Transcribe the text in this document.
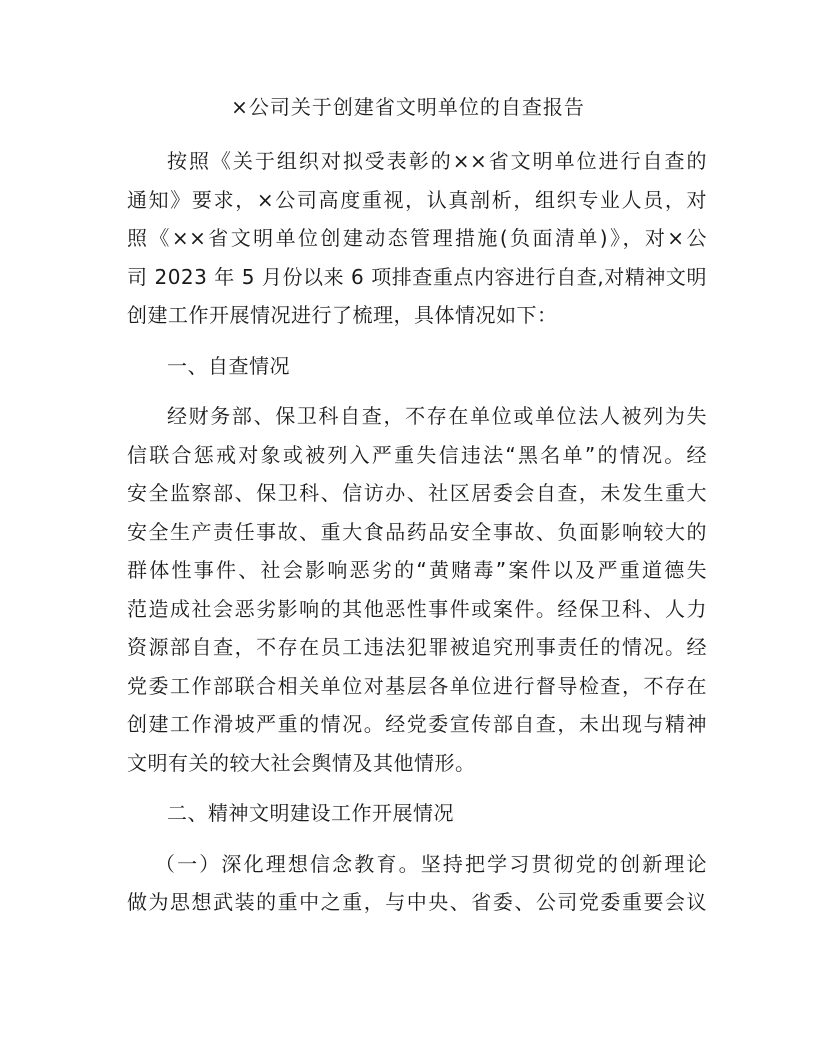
×公司关于创建省文明单位的自查报告
按照《关于组织对拟受表彰的××省文明单位进行自查的
通知》要求，×公司高度重视，认真剖析，组织专业人员，对
照《××省文明单位创建动态管理措施(负面清单)》，对×公
司 2023 年 5 月份以来 6 项排查重点内容进行自查,对精神文明
创建工作开展情况进行了梳理，具体情况如下：
一、自查情况
经财务部、保卫科自查，不存在单位或单位法人被列为失
信联合惩戒对象或被列入严重失信违法“黑名单”的情况。经
安全监察部、保卫科、信访办、社区居委会自查，未发生重大
安全生产责任事故、重大食品药品安全事故、负面影响较大的
群体性事件、社会影响恶劣的“黄赌毒”案件以及严重道德失
范造成社会恶劣影响的其他恶性事件或案件。经保卫科、人力
资源部自查，不存在员工违法犯罪被追究刑事责任的情况。经
党委工作部联合相关单位对基层各单位进行督导检查，不存在
创建工作滑坡严重的情况。经党委宣传部自查，未出现与精神
文明有关的较大社会舆情及其他情形。
二、精神文明建设工作开展情况
（一）深化理想信念教育。坚持把学习贯彻党的创新理论
做为思想武装的重中之重，与中央、省委、公司党委重要会议
